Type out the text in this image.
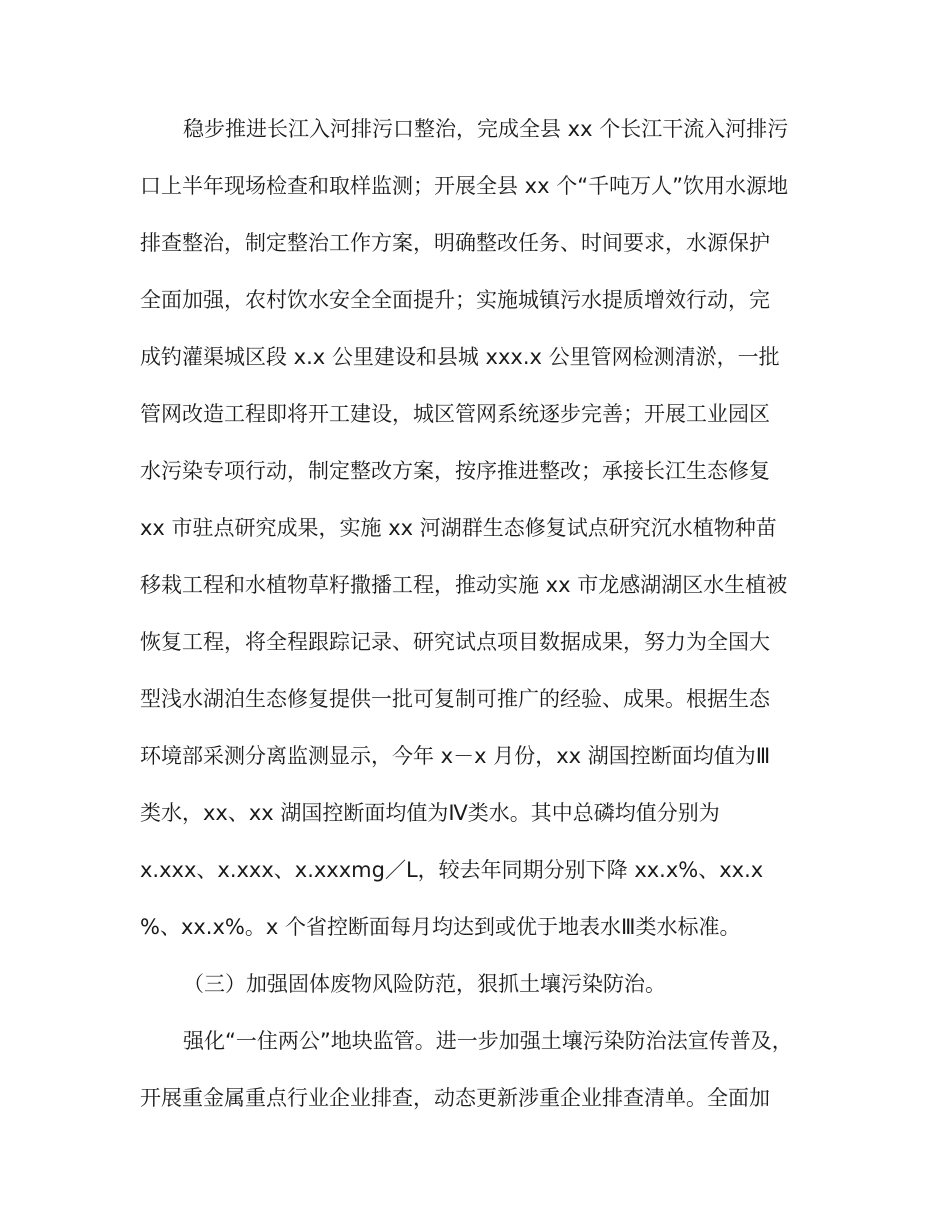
稳步推进长江入河排污口整治，完成全县 xx 个长江干流入河排污
口上半年现场检查和取样监测；开展全县 xx 个“千吨万人”饮用水源地
排查整治，制定整治工作方案，明确整改任务、时间要求，水源保护
全面加强，农村饮水安全全面提升；实施城镇污水提质增效行动，完
成钓灌渠城区段 x.x 公里建设和县城 xxx.x 公里管网检测清淤，一批
管网改造工程即将开工建设，城区管网系统逐步完善；开展工业园区
水污染专项行动，制定整改方案，按序推进整改；承接长江生态修复
xx 市驻点研究成果，实施 xx 河湖群生态修复试点研究沉水植物种苗
移栽工程和水植物草籽撒播工程，推动实施 xx 市龙感湖湖区水生植被
恢复工程，将全程跟踪记录、研究试点项目数据成果，努力为全国大
型浅水湖泊生态修复提供一批可复制可推广的经验、成果。根据生态
环境部采测分离监测显示，今年 x－x 月份，xx 湖国控断面均值为Ⅲ
类水，xx、xx 湖国控断面均值为Ⅳ类水。其中总磷均值分别为
x.xxx、x.xxx、x.xxxmg／L，较去年同期分别下降 xx.x%、xx.x
%、xx.x%。x 个省控断面每月均达到或优于地表水Ⅲ类水标准。
（三）加强固体废物风险防范，狠抓土壤污染防治。
强化“一住两公”地块监管。进一步加强土壤污染防治法宣传普及，
开展重金属重点行业企业排查，动态更新涉重企业排查清单。全面加
